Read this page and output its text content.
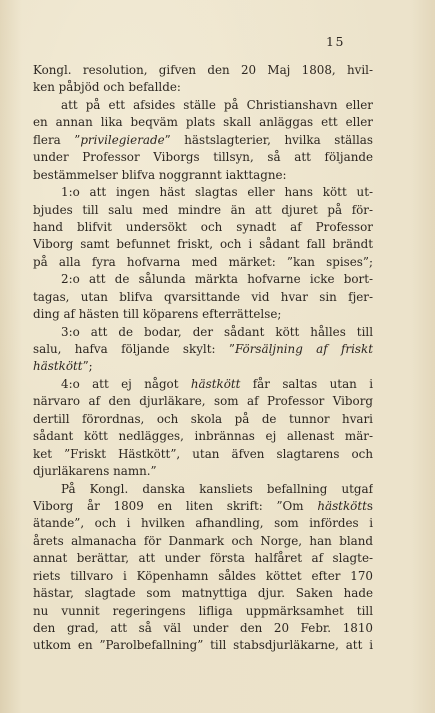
15
Kongl. resolution, gifven den 20 Maj 1808, hvil-
ken påbjöd och befallde:
att på ett afsides ställe på Christianshavn eller
en annan lika beqväm plats skall anläggas ett eller
flera ”privilegierade” hästslagterier, hvilka ställas
under Professor Viborgs tillsyn, så att följande
bestämmelser blifva noggrannt iakttagne:
1:o att ingen häst slagtas eller hans kött ut-
bjudes till salu med mindre än att djuret på för-
hand blifvit undersökt och synadt af Professor
Viborg samt befunnet friskt, och i sådant fall brändt
på alla fyra hofvarna med märket: ”kan spises”;
2:o att de sålunda märkta hofvarne icke bort-
tagas, utan blifva qvarsittande vid hvar sin fjer-
ding af hästen till köparens efterrättelse;
3:o att de bodar, der sådant kött hålles till
salu, hafva följande skylt: ”Försäljning af friskt
hästkött”;
4:o att ej något hästkött får saltas utan i
närvaro af den djurläkare, som af Professor Viborg
dertill förordnas, och skola på de tunnor hvari
sådant kött nedlägges, inbrännas ej allenast mär-
ket ”Friskt Hästkött”, utan äfven slagtarens och
djurläkarens namn.”
På Kongl. danska kansliets befallning utgaf
Viborg år 1809 en liten skrift: ”Om hästkötts
ätande”, och i hvilken afhandling, som infördes i
årets almanacha för Danmark och Norge, han bland
annat berättar, att under första halfåret af slagte-
riets tillvaro i Köpenhamn såldes köttet efter 170
hästar, slagtade som matnyttiga djur. Saken hade
nu vunnit regeringens lifliga uppmärksamhet till
den grad, att så väl under den 20 Febr. 1810
utkom en ”Parolbefallning” till stabsdjurläkarne, att i
